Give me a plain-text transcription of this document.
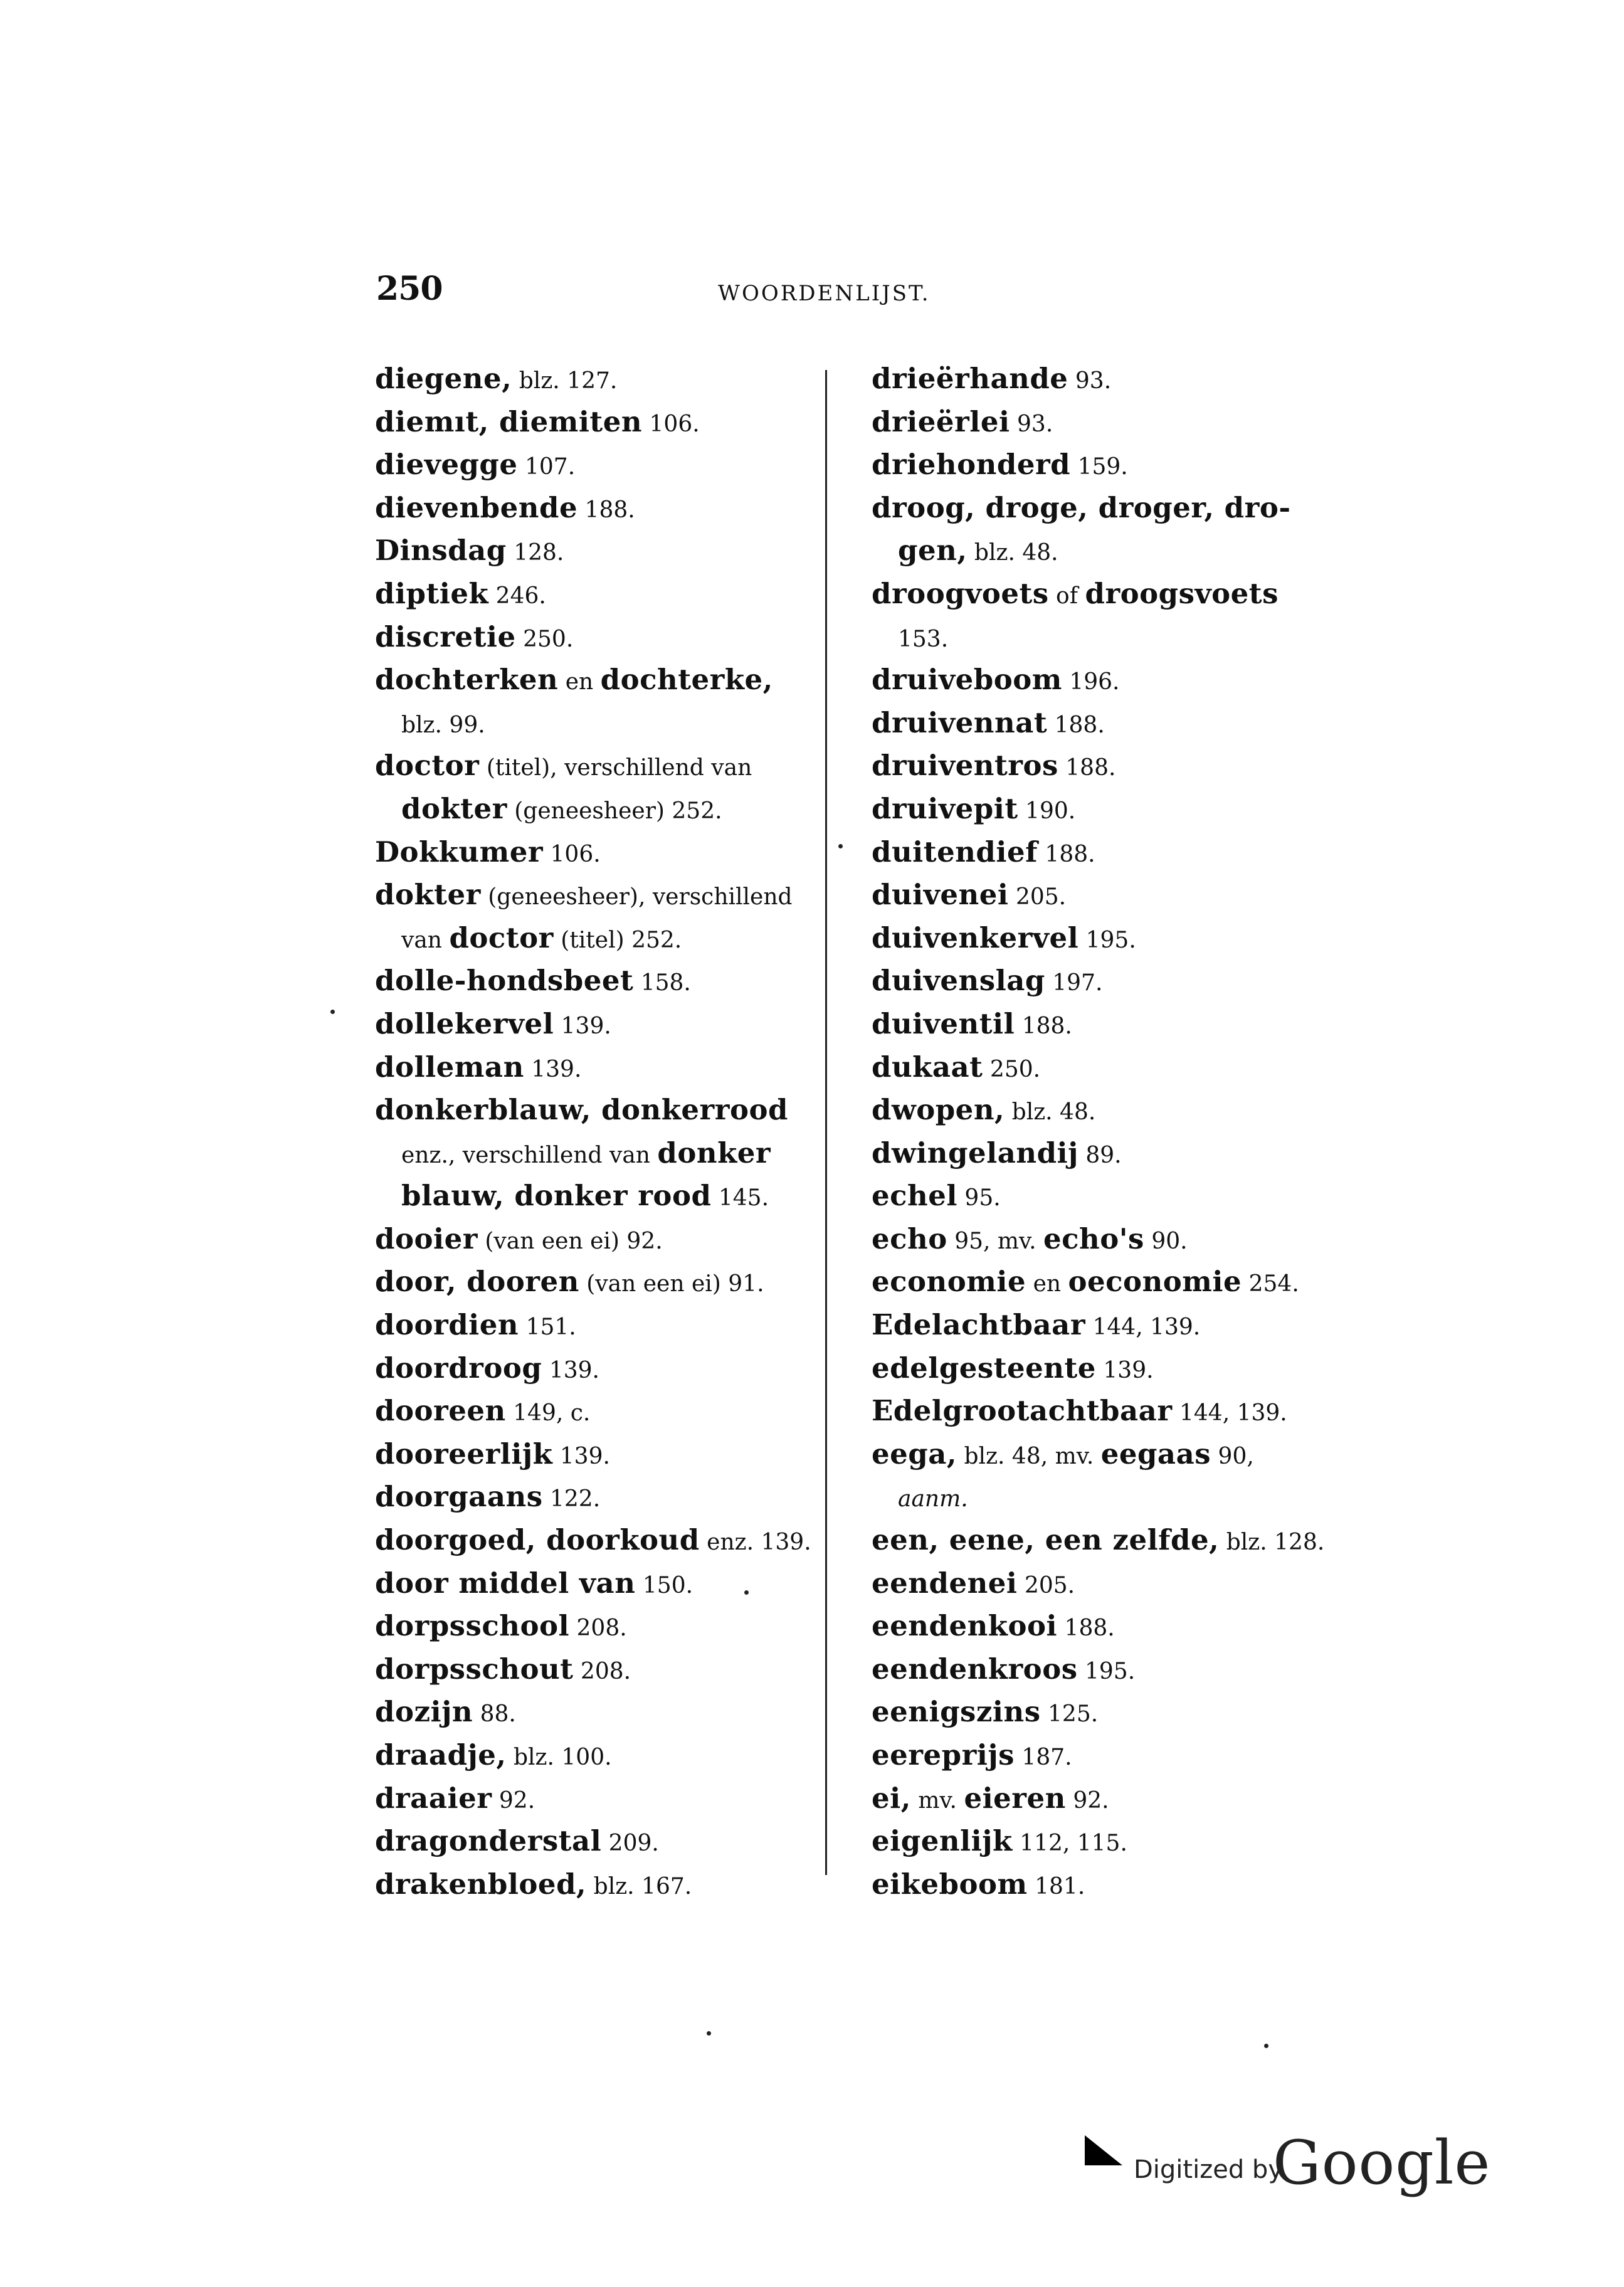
250	WOORDENLIJST.
diegene, blz. 127.
diemıt, diemiten 106.
dievegge 107.
dievenbende 188.
Dinsdag 128.
diptiek 246.
discretie 250.
dochterken en dochterke,
blz. 99.
doctor (titel), verschillend van
dokter (geneesheer) 252.
Dokkumer 106.
dokter (geneesheer), verschillend
van doctor (titel) 252.
dolle-hondsbeet 158.
dollekervel 139.
dolleman 139.
donkerblauw, donkerrood
enz., verschillend van donker
blauw, donker rood 145.
dooier (van een ei) 92.
door, dooren (van een ei) 91.
doordien 151.
doordroog 139.
dooreen 149, c.
dooreerlijk 139.
doorgaans 122.
doorgoed, doorkoud enz. 139.
door middel van 150.
dorpsschool 208.
dorpsschout 208.
dozijn 88.
draadje, blz. 100.
draaier 92.
dragonderstal 209.
drakenbloed, blz. 167.
drieërhande 93.
drieërlei 93.
driehonderd 159.
droog, droge, droger, dro-
gen, blz. 48.
droogvoets of droogsvoets
153.
druiveboom 196.
druivennat 188.
druiventros 188.
druivepit 190.
duitendief 188.
duivenei 205.
duivenkervel 195.
duivenslag 197.
duiventil 188.
dukaat 250.
dwopen, blz. 48.
dwingelandij 89.
echel 95.
echo 95, mv. echo's 90.
economie en oeconomie 254.
Edelachtbaar 144, 139.
edelgesteente 139.
Edelgrootachtbaar 144, 139.
eega, blz. 48, mv. eegaas 90,
aanm.
een, eene, een zelfde, blz. 128.
eendenei 205.
eendenkooi 188.
eendenkroos 195.
eenigszins 125.
eereprijs 187.
ei, mv. eieren 92.
eigenlijk 112, 115.
eikeboom 181.
Digitized by
Google
